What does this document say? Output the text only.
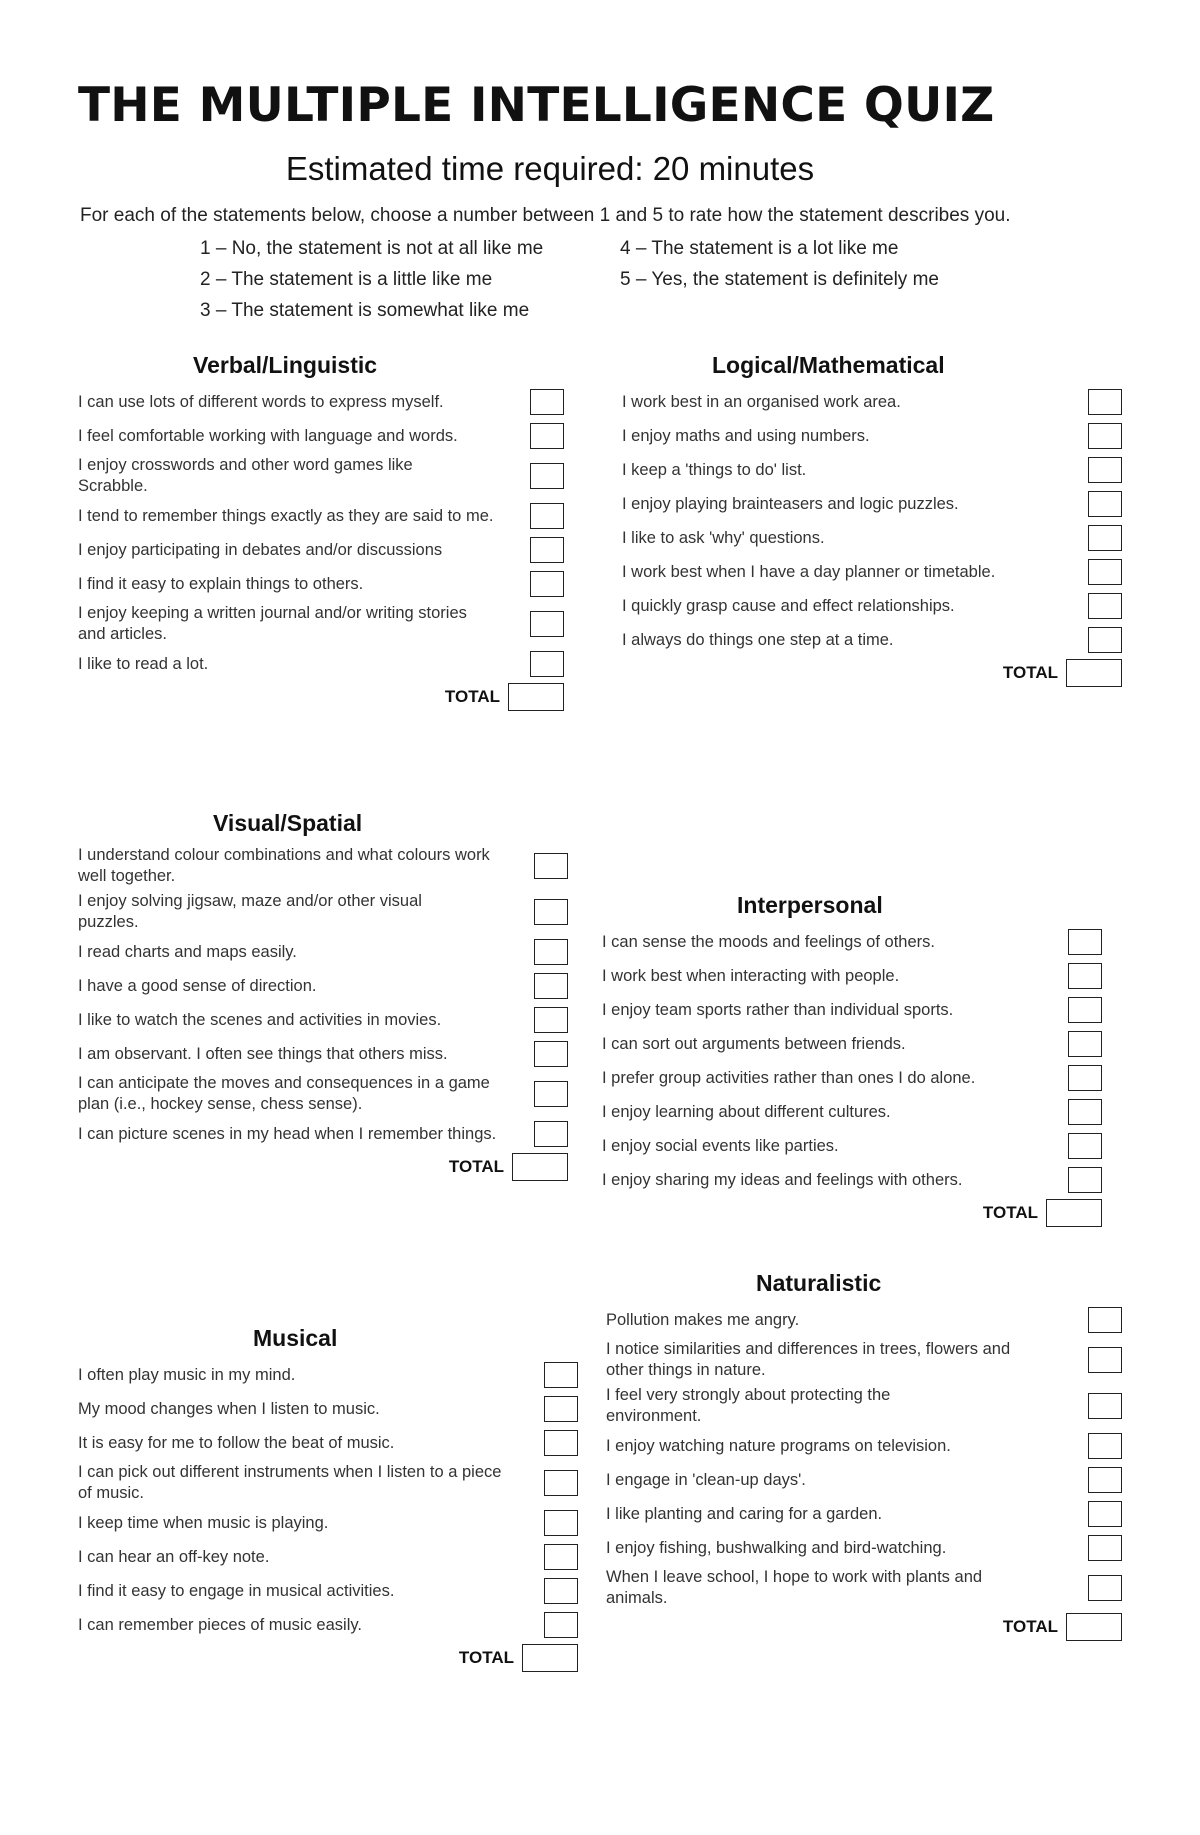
THE MULTIPLE INTELLIGENCE QUIZ
Estimated time required: 20 minutes
For each of the statements below, choose a number between 1 and 5 to rate how the statement describes you.
1 – No, the statement is not at all like me
2 – The statement is a little like me
3 – The statement is somewhat like me
4 – The statement is a lot like me
5 – Yes, the statement is definitely me
Verbal/Linguistic
I can use lots of different words to express myself.
I feel comfortable working with language and words.
I enjoy crosswords and other word games like Scrabble.
I tend to remember things exactly as they are said to me.
I enjoy participating in debates and/or discussions
I find it easy to explain things to others.
I enjoy keeping a written journal and/or writing stories and articles.
I like to read a lot.
TOTAL
Logical/Mathematical
I work best in an organised work area.
I enjoy maths and using numbers.
I keep a 'things to do' list.
I enjoy playing brainteasers and logic puzzles.
I like to ask 'why' questions.
I work best when I have a day planner or timetable.
I quickly grasp cause and effect relationships.
I always do things one step at a time.
TOTAL
Visual/Spatial
I understand colour combinations and what colours work well together.
I enjoy solving jigsaw, maze and/or other visual puzzles.
I read charts and maps easily.
I have a good sense of direction.
I like to watch the scenes and activities in movies.
I am observant. I often see things that others miss.
I can anticipate the moves and consequences in a game plan (i.e., hockey sense, chess sense).
I can picture scenes in my head when I remember things.
TOTAL
Interpersonal
I can sense the moods and feelings of others.
I work best when interacting with people.
I enjoy team sports rather than individual sports.
I can sort out arguments between friends.
I prefer group activities rather than ones I do alone.
I enjoy learning about different cultures.
I enjoy social events like parties.
I enjoy sharing my ideas and feelings with others.
TOTAL
Musical
I often play music in my mind.
My mood changes when I listen to music.
It is easy for me to follow the beat of music.
I can pick out different instruments when I listen to a piece of music.
I keep time when music is playing.
I can hear an off-key note.
I find it easy to engage in musical activities.
I can remember pieces of music easily.
TOTAL
Naturalistic
Pollution makes me angry.
I notice similarities and differences in trees, flowers and other things in nature.
I feel very strongly about protecting the environment.
I enjoy watching nature programs on television.
I engage in 'clean-up days'.
I like planting and caring for a garden.
I enjoy fishing, bushwalking and bird-watching.
When I leave school, I hope to work with plants and animals.
TOTAL
